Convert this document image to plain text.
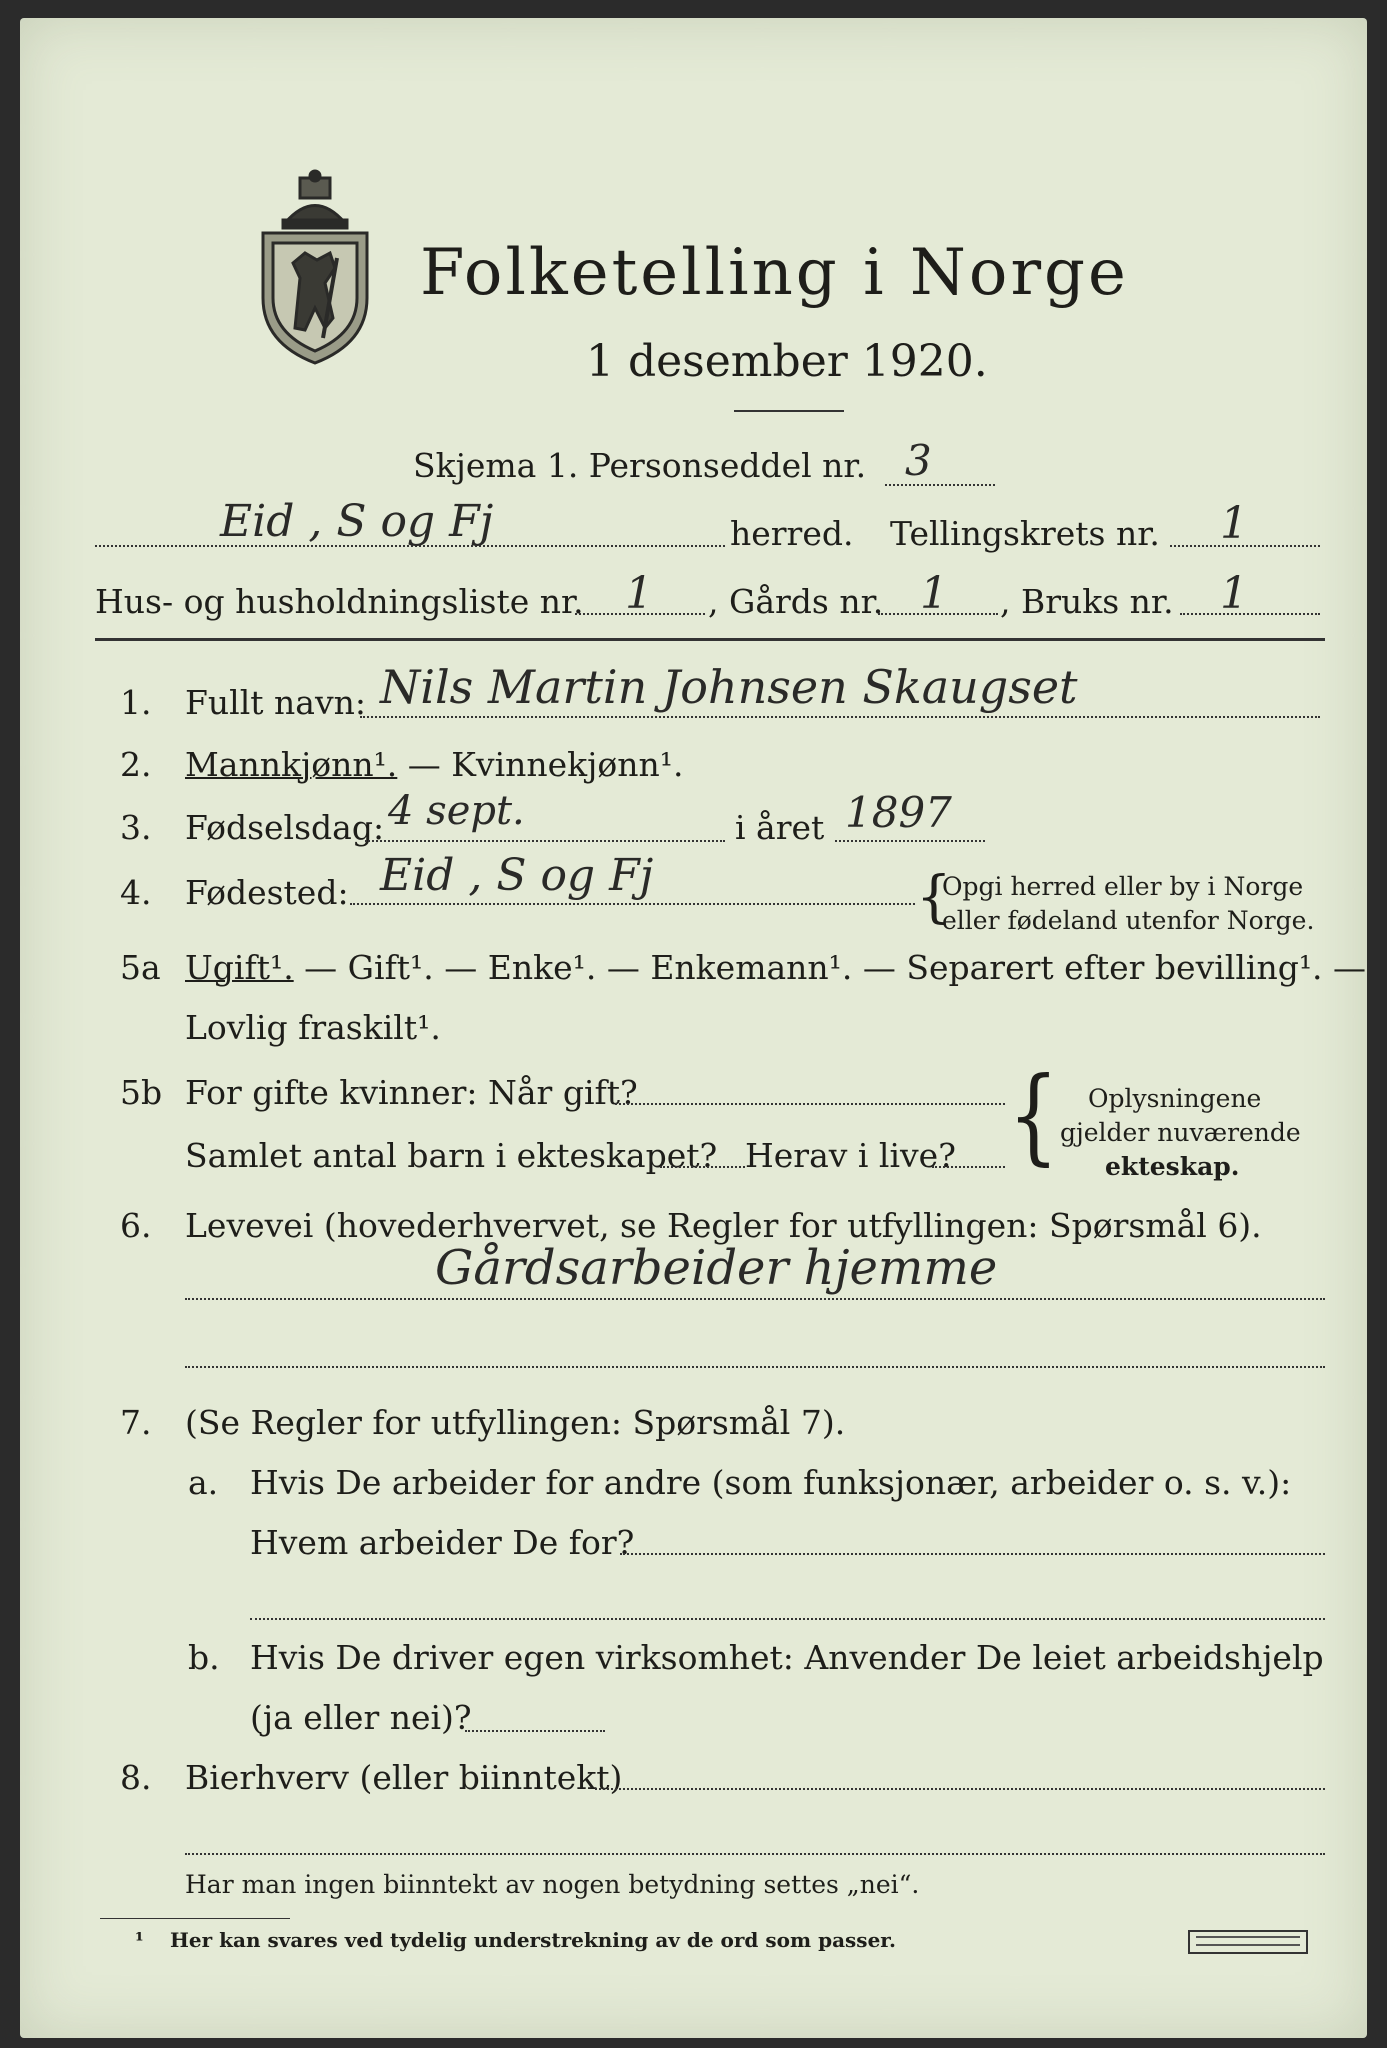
Folketelling i Norge
1 desember 1920.
Skjema 1. Personseddel nr. 3
Eid , S og Fj	herred. Tellingskrets nr. 1
Hus- og husholdningsliste nr. 1 , Gårds nr. 1 , Bruks nr. 1
1. Fullt navn: Nils Martin Johnsen Skaugset
2. Mannkjønn¹. — Kvinnekjønn¹.
3. Fødselsdag: 4 sept.	i året 1897
4. Fødested: Eid , S og Fj	{
Opgi herred eller by i Norge
eller fødeland utenfor Norge.
5a Ugift¹. — Gift¹. — Enke¹. — Enkemann¹. — Separert efter bevilling¹. —
Lovlig fraskilt¹.
5b For gifte kvinner: Når gift?
Samlet antal barn i ekteskapet? Herav i live? { Oplysningene
gjelder nuværende
ekteskap.
6. Levevei (hovederhvervet, se Regler for utfyllingen: Spørsmål 6).
Gårdsarbeider hjemme
7. (Se Regler for utfyllingen: Spørsmål 7).
a. Hvis De arbeider for andre (som funksjonær, arbeider o. s. v.):
Hvem arbeider De for?
b. Hvis De driver egen virksomhet: Anvender De leiet arbeidshjelp
(ja eller nei)?
8. Bierhverv (eller biinntekt)
Har man ingen biinntekt av nogen betydning settes „nei“.
¹ Her kan svares ved tydelig understrekning av de ord som passer.
